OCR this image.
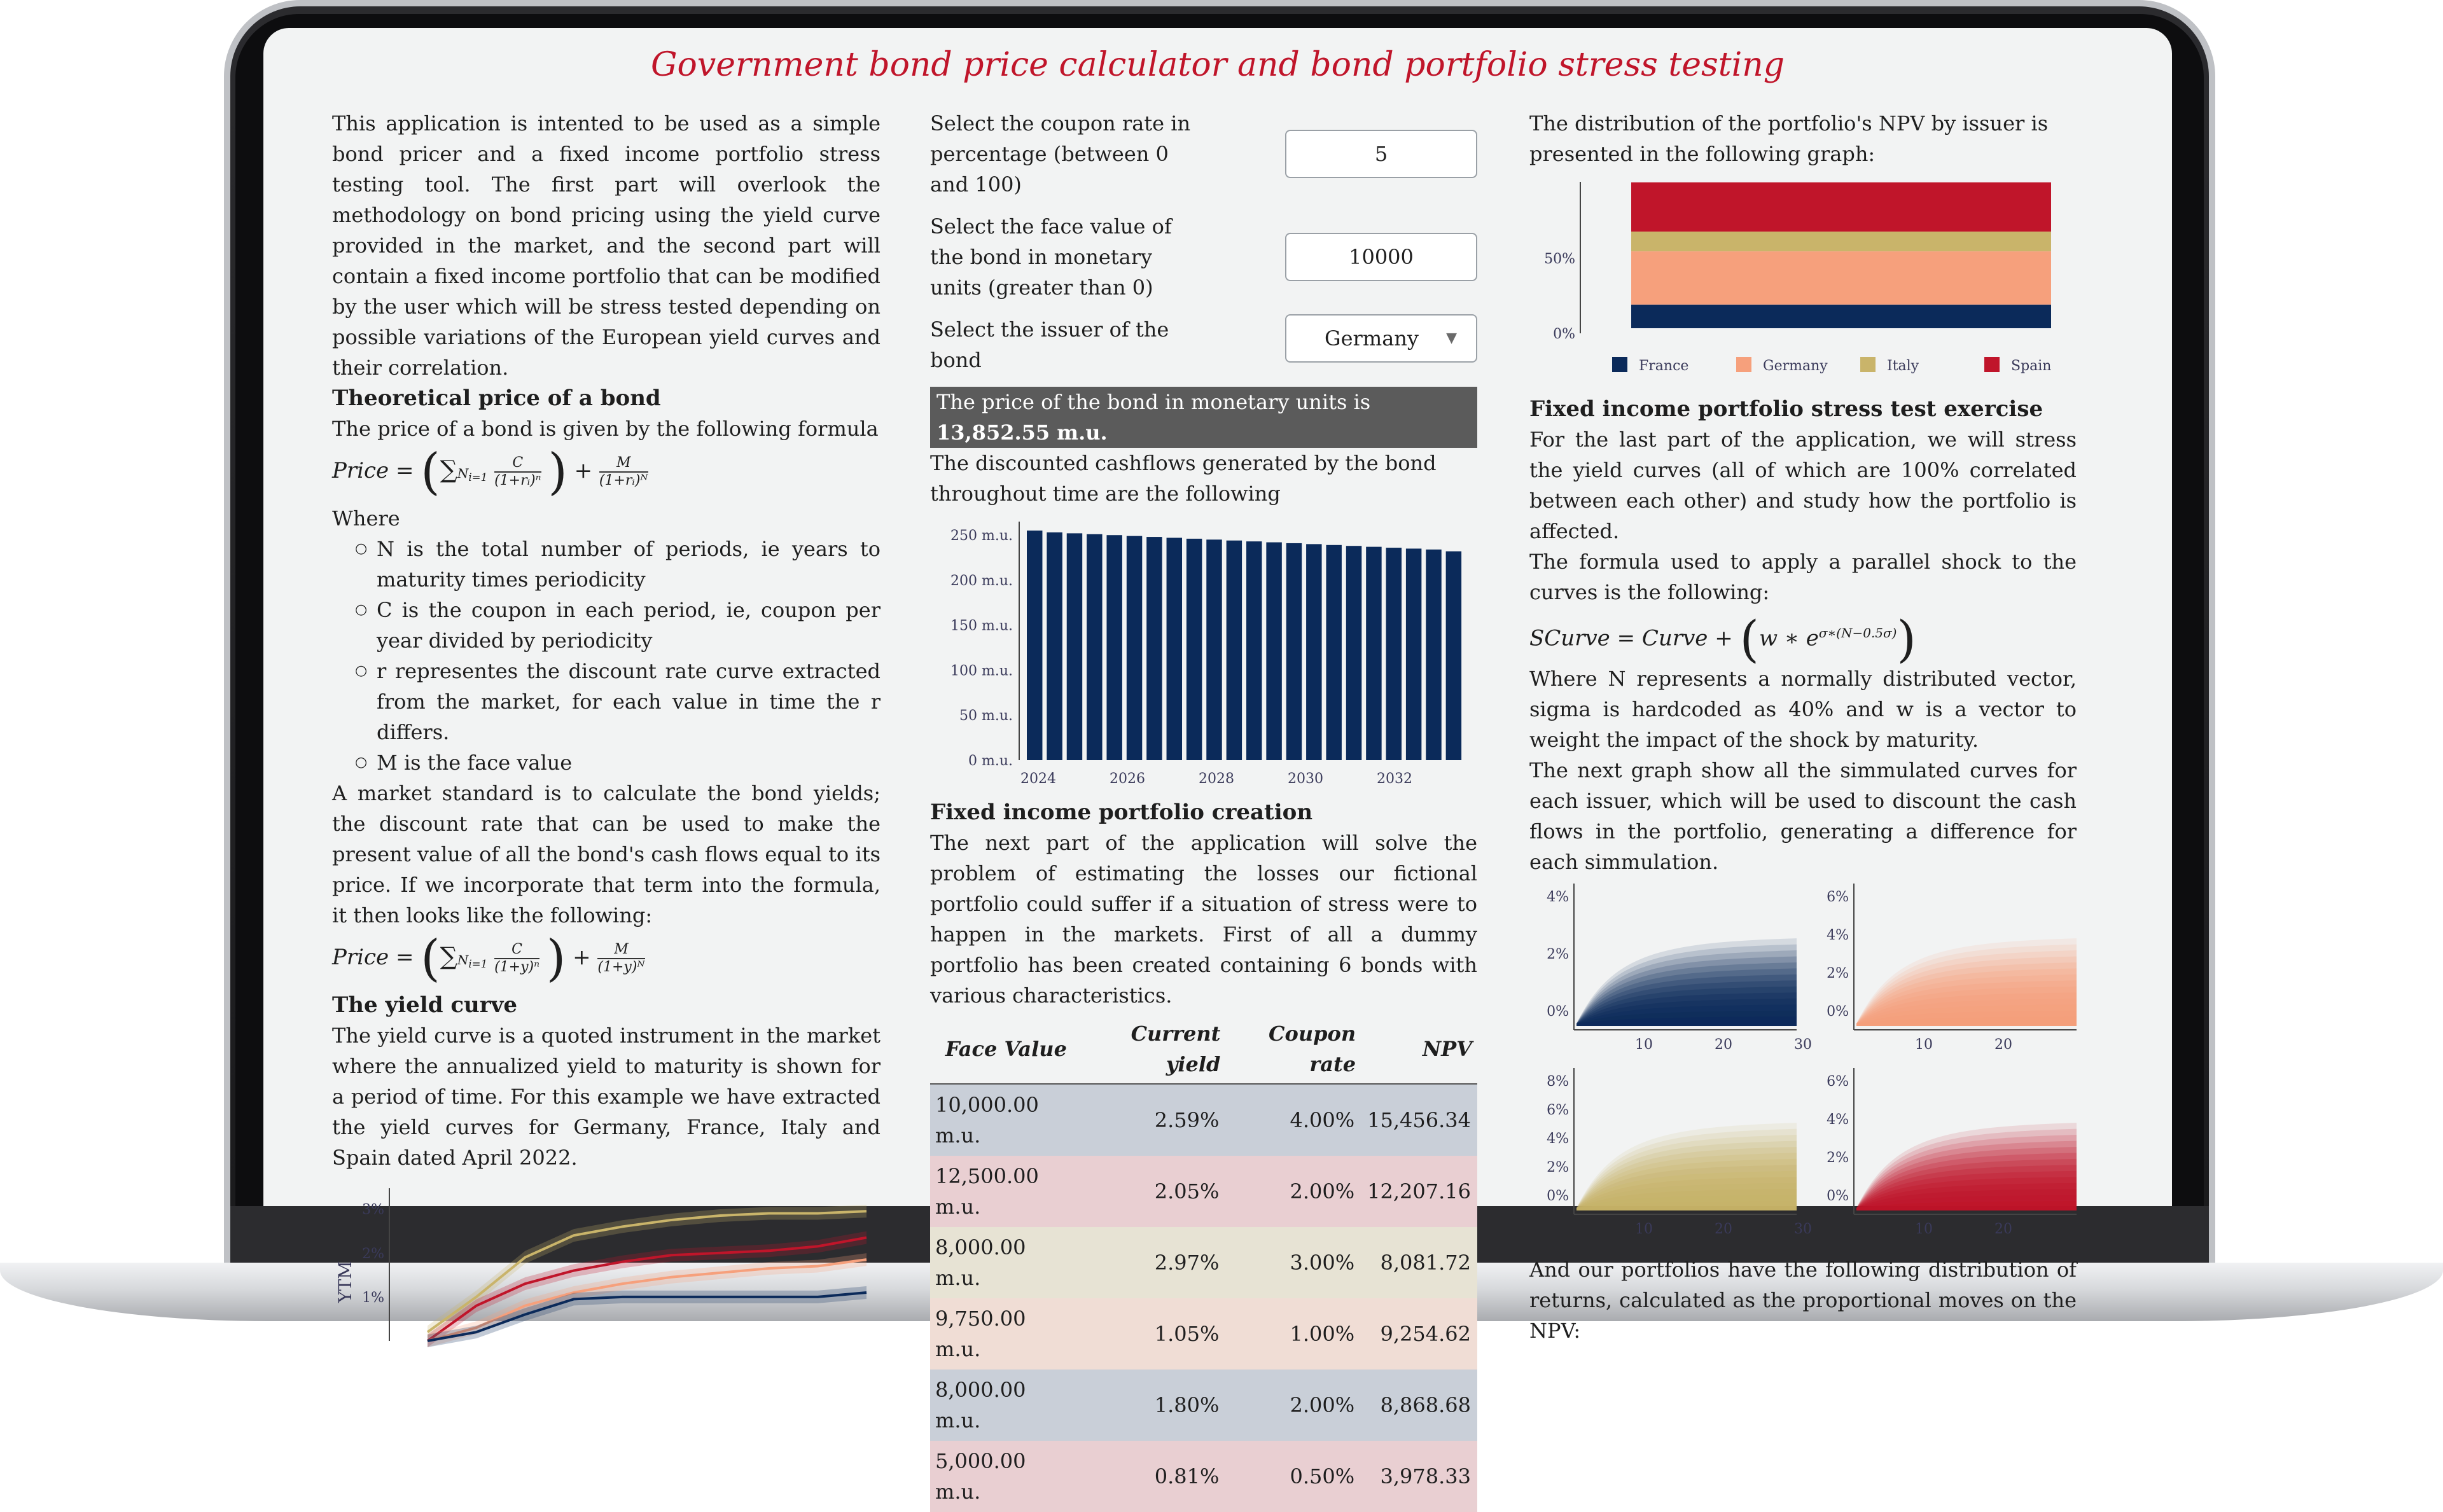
Government bond price calculator and bond portfolio stress testing

This application is intented to be used as a simple bond pricer and a fixed income portfolio stress testing tool. The first part will overlook the methodology on bond pricing using the yield curve provided in the market, and the second part will contain a fixed income portfolio that can be modified by the user which will be stress tested depending on possible variations of the European yield curves and their correlation.

Theoretical price of a bond

The price of a bond is given by the following formula

Price = ($\sum N_{i=1} \frac{C}{\text{(1+rᵢ)ⁿ}}$ ) + $\frac{M}{\text{(1+rᵢ)ᴺ}}$

Where

○ N is the total number of periods, ie years to maturity times periodicity
○ C is the coupon in each period, ie, coupon per year divided by periodicity
○ r representes the discount rate curve extracted from the market, for each value in time the r differs.
○ M is the face value

A market standard is to calculate the bond yields; the discount rate that can be used to make the present value of all the bond's cash flows equal to its price. If we incorporate that term into the formula, it then looks like the following:

Price = ($\sum N_{i=1} \frac{C}{\text{(1+y)ⁿ}}$ ) + $\frac{M}{\text{(1+y)ᴺ}}$
The yield curve

The yield curve is a quoted instrument in the market where the annualized yield to maturity is shown for a period of time. For this example we have extracted the yield curves for Germany, France, Italy and Spain dated April 2022.

YTM 1%
2%
3%
Select the coupon rate in percentage (between 0 and 100)
5
Select the face value of the bond in monetary units (greater than 0)
10000
Select the issuer of the bond
Germany ▼
The price of the bond in monetary units is 13,852.55 m.u.

The discounted cashflows generated by the bond throughout time are the following

0 m.u.
50 m.u.
100 m.u.
150 m.u.
200 m.u.
250 m.u.
2024	2026	2028	2030	2032
Fixed income portfolio creation

The next part of the application will solve the problem of estimating the losses our fictional portfolio could suffer if a situation of stress were to happen in the markets. First of all a dummy portfolio has been created containing 6 bonds with various characteristics.

Face Value	Current yield	Coupon rate	NPV
10,000.00 m.u.	2.59%	4.00%	15,456.34
12,500.00 m.u.	2.05%	2.00%	12,207.16
8,000.00 m.u.	2.97%	3.00%	8,081.72
9,750.00 m.u.	1.05%	1.00%	9,254.62
8,000.00 m.u.	1.80%	2.00%	8,868.68
5,000.00 m.u.	0.81%	0.50%	3,978.33

The distribution of the portfolio's NPV by issuer is presented in the following graph:

0%
50%
France	Germany	Italy	Spain
Fixed income portfolio stress test exercise

For the last part of the application, we will stress the yield curves (all of which are 100% correlated between each other) and study how the portfolio is affected.

The formula used to apply a parallel shock to the curves is the following:

SCurve = Curve + (w ∗ $e^{\sigma∗(N-0.5\sigma)}$)

Where N represents a normally distributed vector, sigma is hardcoded as 40% and w is a vector to weight the impact of the shock by maturity.

The next graph show all the simmulated curves for each issuer, which will be used to discount the cash flows in the portfolio, generating a difference for each simmulation.

0%
2%
4%
10	20	30
0%
2%
4%
6%
10	20
0%
2%
4%
6%
8%
10	20	30
0%
2%
4%
6%
10	20

And our portfolios have the following distribution of returns, calculated as the proportional moves on the NPV:
